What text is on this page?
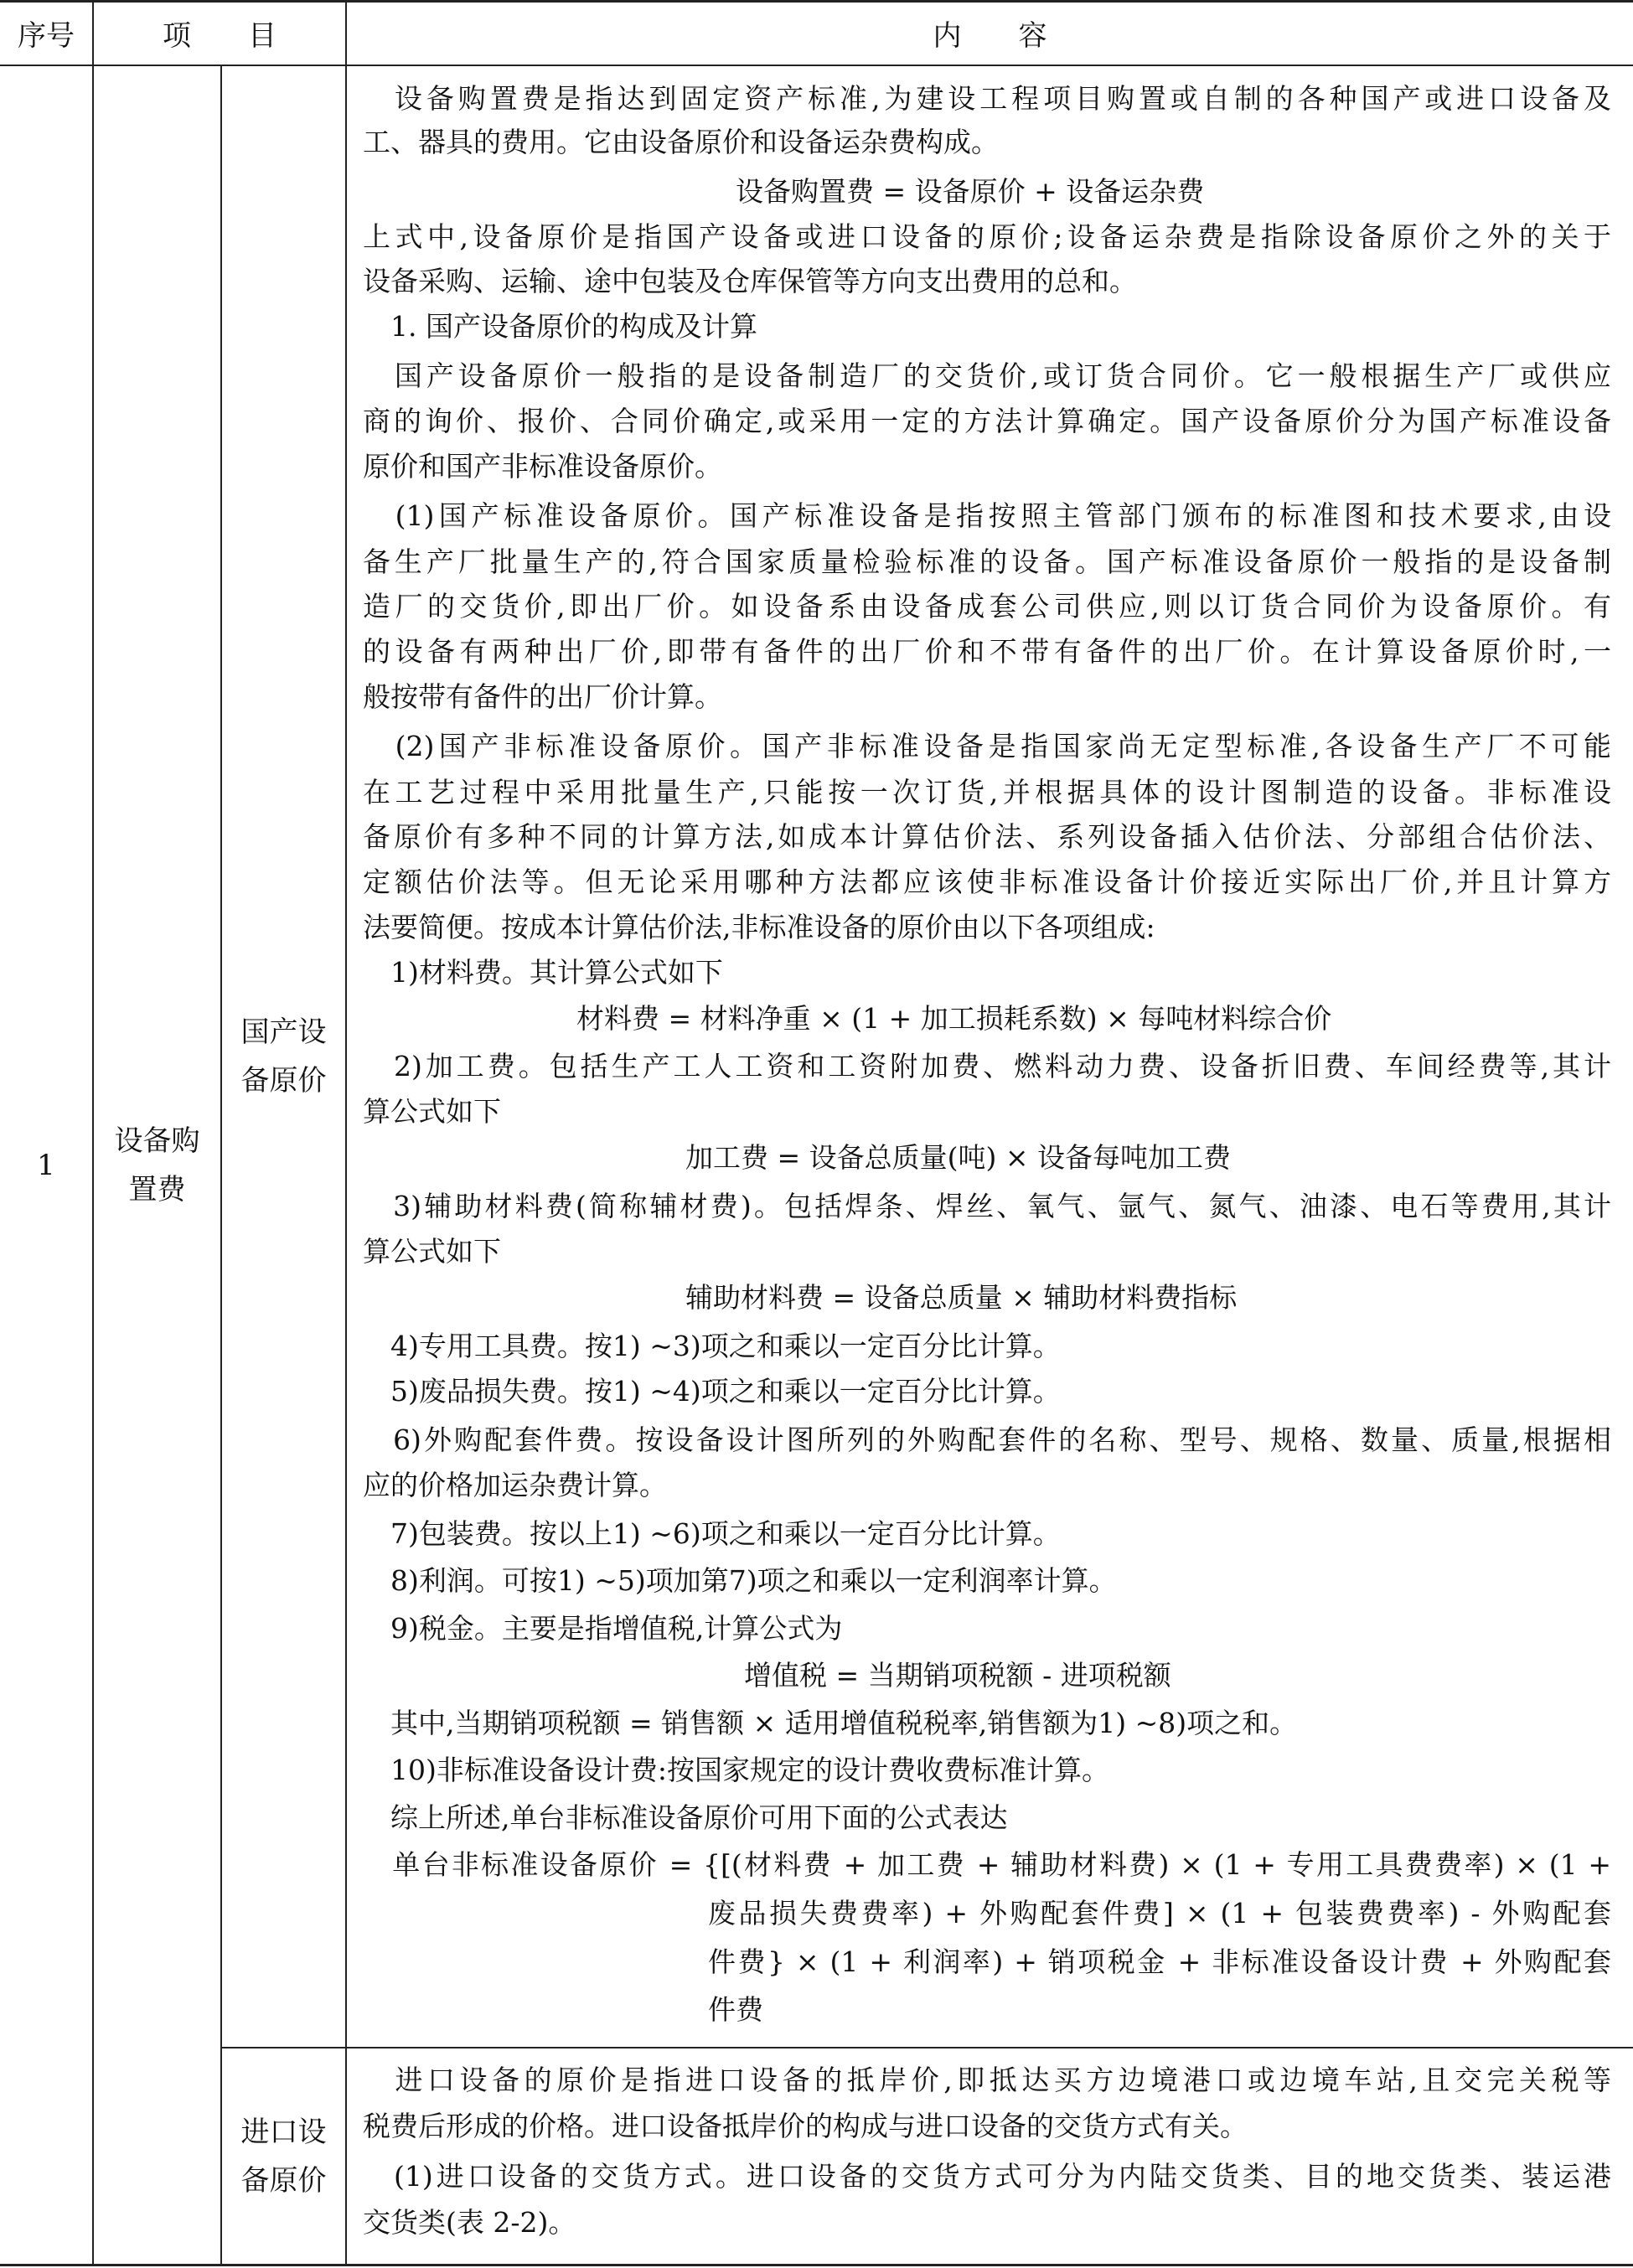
序号	项　　目	内　　容
1
设备购
置费
国产设
备原价
进口设
备原价
　设备购置费是指达到固定资产标准,为建设工程项目购置或自制的各种国产或进口设备及
工、器具的费用。它由设备原价和设备运杂费构成。
设备购置费 = 设备原价 + 设备运杂费
上式中,设备原价是指国产设备或进口设备的原价;设备运杂费是指除设备原价之外的关于
设备采购、运输、途中包装及仓库保管等方向支出费用的总和。
　1. 国产设备原价的构成及计算
　国产设备原价一般指的是设备制造厂的交货价,或订货合同价。它一般根据生产厂或供应
商的询价、报价、合同价确定,或采用一定的方法计算确定。国产设备原价分为国产标准设备
原价和国产非标准设备原价。
　(1)国产标准设备原价。国产标准设备是指按照主管部门颁布的标准图和技术要求,由设
备生产厂批量生产的,符合国家质量检验标准的设备。国产标准设备原价一般指的是设备制
造厂的交货价,即出厂价。如设备系由设备成套公司供应,则以订货合同价为设备原价。有
的设备有两种出厂价,即带有备件的出厂价和不带有备件的出厂价。在计算设备原价时,一
般按带有备件的出厂价计算。
　(2)国产非标准设备原价。国产非标准设备是指国家尚无定型标准,各设备生产厂不可能
在工艺过程中采用批量生产,只能按一次订货,并根据具体的设计图制造的设备。非标准设
备原价有多种不同的计算方法,如成本计算估价法、系列设备插入估价法、分部组合估价法、
定额估价法等。但无论采用哪种方法都应该使非标准设备计价接近实际出厂价,并且计算方
法要简便。按成本计算估价法,非标准设备的原价由以下各项组成:
　1)材料费。其计算公式如下
材料费 = 材料净重 × (1 + 加工损耗系数) × 每吨材料综合价
　2)加工费。包括生产工人工资和工资附加费、燃料动力费、设备折旧费、车间经费等,其计
算公式如下
加工费 = 设备总质量(吨) × 设备每吨加工费
　3)辅助材料费(简称辅材费)。包括焊条、焊丝、氧气、氩气、氮气、油漆、电石等费用,其计
算公式如下
辅助材料费 = 设备总质量 × 辅助材料费指标
　4)专用工具费。按1) ~3)项之和乘以一定百分比计算。
　5)废品损失费。按1) ~4)项之和乘以一定百分比计算。
　6)外购配套件费。按设备设计图所列的外购配套件的名称、型号、规格、数量、质量,根据相
应的价格加运杂费计算。
　7)包装费。按以上1) ~6)项之和乘以一定百分比计算。
　8)利润。可按1) ~5)项加第7)项之和乘以一定利润率计算。
　9)税金。主要是指增值税,计算公式为
增值税 = 当期销项税额 - 进项税额
　其中,当期销项税额 = 销售额 × 适用增值税税率,销售额为1) ~8)项之和。
　10)非标准设备设计费:按国家规定的设计费收费标准计算。
　综上所述,单台非标准设备原价可用下面的公式表达
　单台非标准设备原价 = {[(材料费 + 加工费 + 辅助材料费) × (1 + 专用工具费费率) × (1 +
废品损失费费率) + 外购配套件费] × (1 + 包装费费率) - 外购配套
件费} × (1 + 利润率) + 销项税金 + 非标准设备设计费 + 外购配套
件费
　进口设备的原价是指进口设备的抵岸价,即抵达买方边境港口或边境车站,且交完关税等
税费后形成的价格。进口设备抵岸价的构成与进口设备的交货方式有关。
　(1)进口设备的交货方式。进口设备的交货方式可分为内陆交货类、目的地交货类、装运港
交货类(表 2-2)。
